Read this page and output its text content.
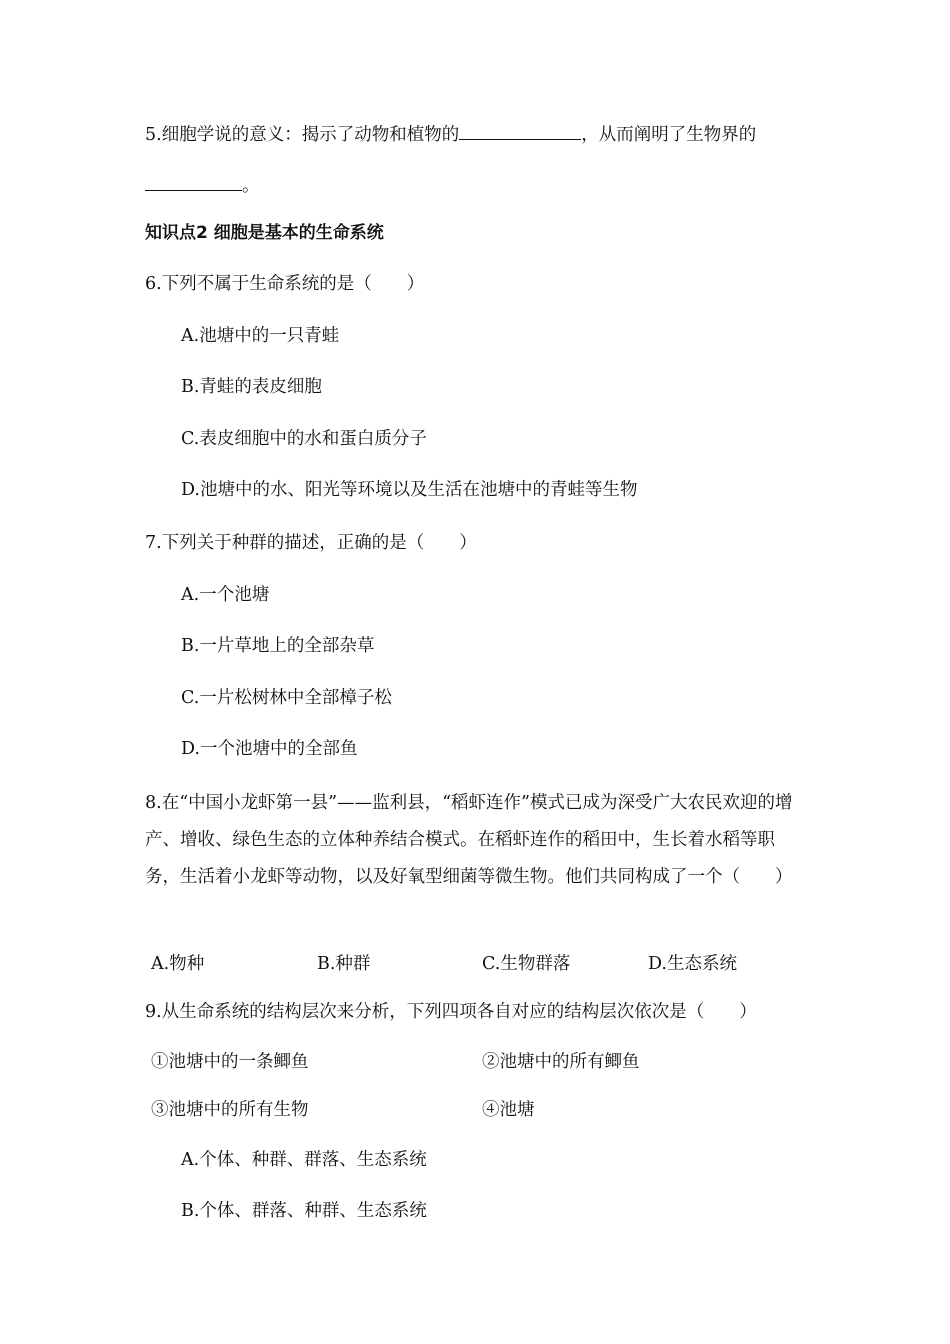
5.细胞学说的意义：揭示了动物和植物的	，从而阐明了生物界的
。
知识点2 细胞是基本的生命系统
6.下列不属于生命系统的是（　　）
A.池塘中的一只青蛙
B.青蛙的表皮细胞
C.表皮细胞中的水和蛋白质分子
D.池塘中的水、阳光等环境以及生活在池塘中的青蛙等生物
7.下列关于种群的描述，正确的是（　　）
A.一个池塘
B.一片草地上的全部杂草
C.一片松树林中全部樟子松
D.一个池塘中的全部鱼
8.在“中国小龙虾第一县”——监利县，“稻虾连作”模式已成为深受广大农民欢迎的增产、增收、绿色生态的立体种养结合模式。在稻虾连作的稻田中，生长着水稻等职务，生活着小龙虾等动物，以及好氧型细菌等微生物。他们共同构成了一个（　　）
A.物种	B.种群	C.生物群落	D.生态系统
9.从生命系统的结构层次来分析，下列四项各自对应的结构层次依次是（　　）
①池塘中的一条鲫鱼	②池塘中的所有鲫鱼
③池塘中的所有生物	④池塘
A.个体、种群、群落、生态系统
B.个体、群落、种群、生态系统
